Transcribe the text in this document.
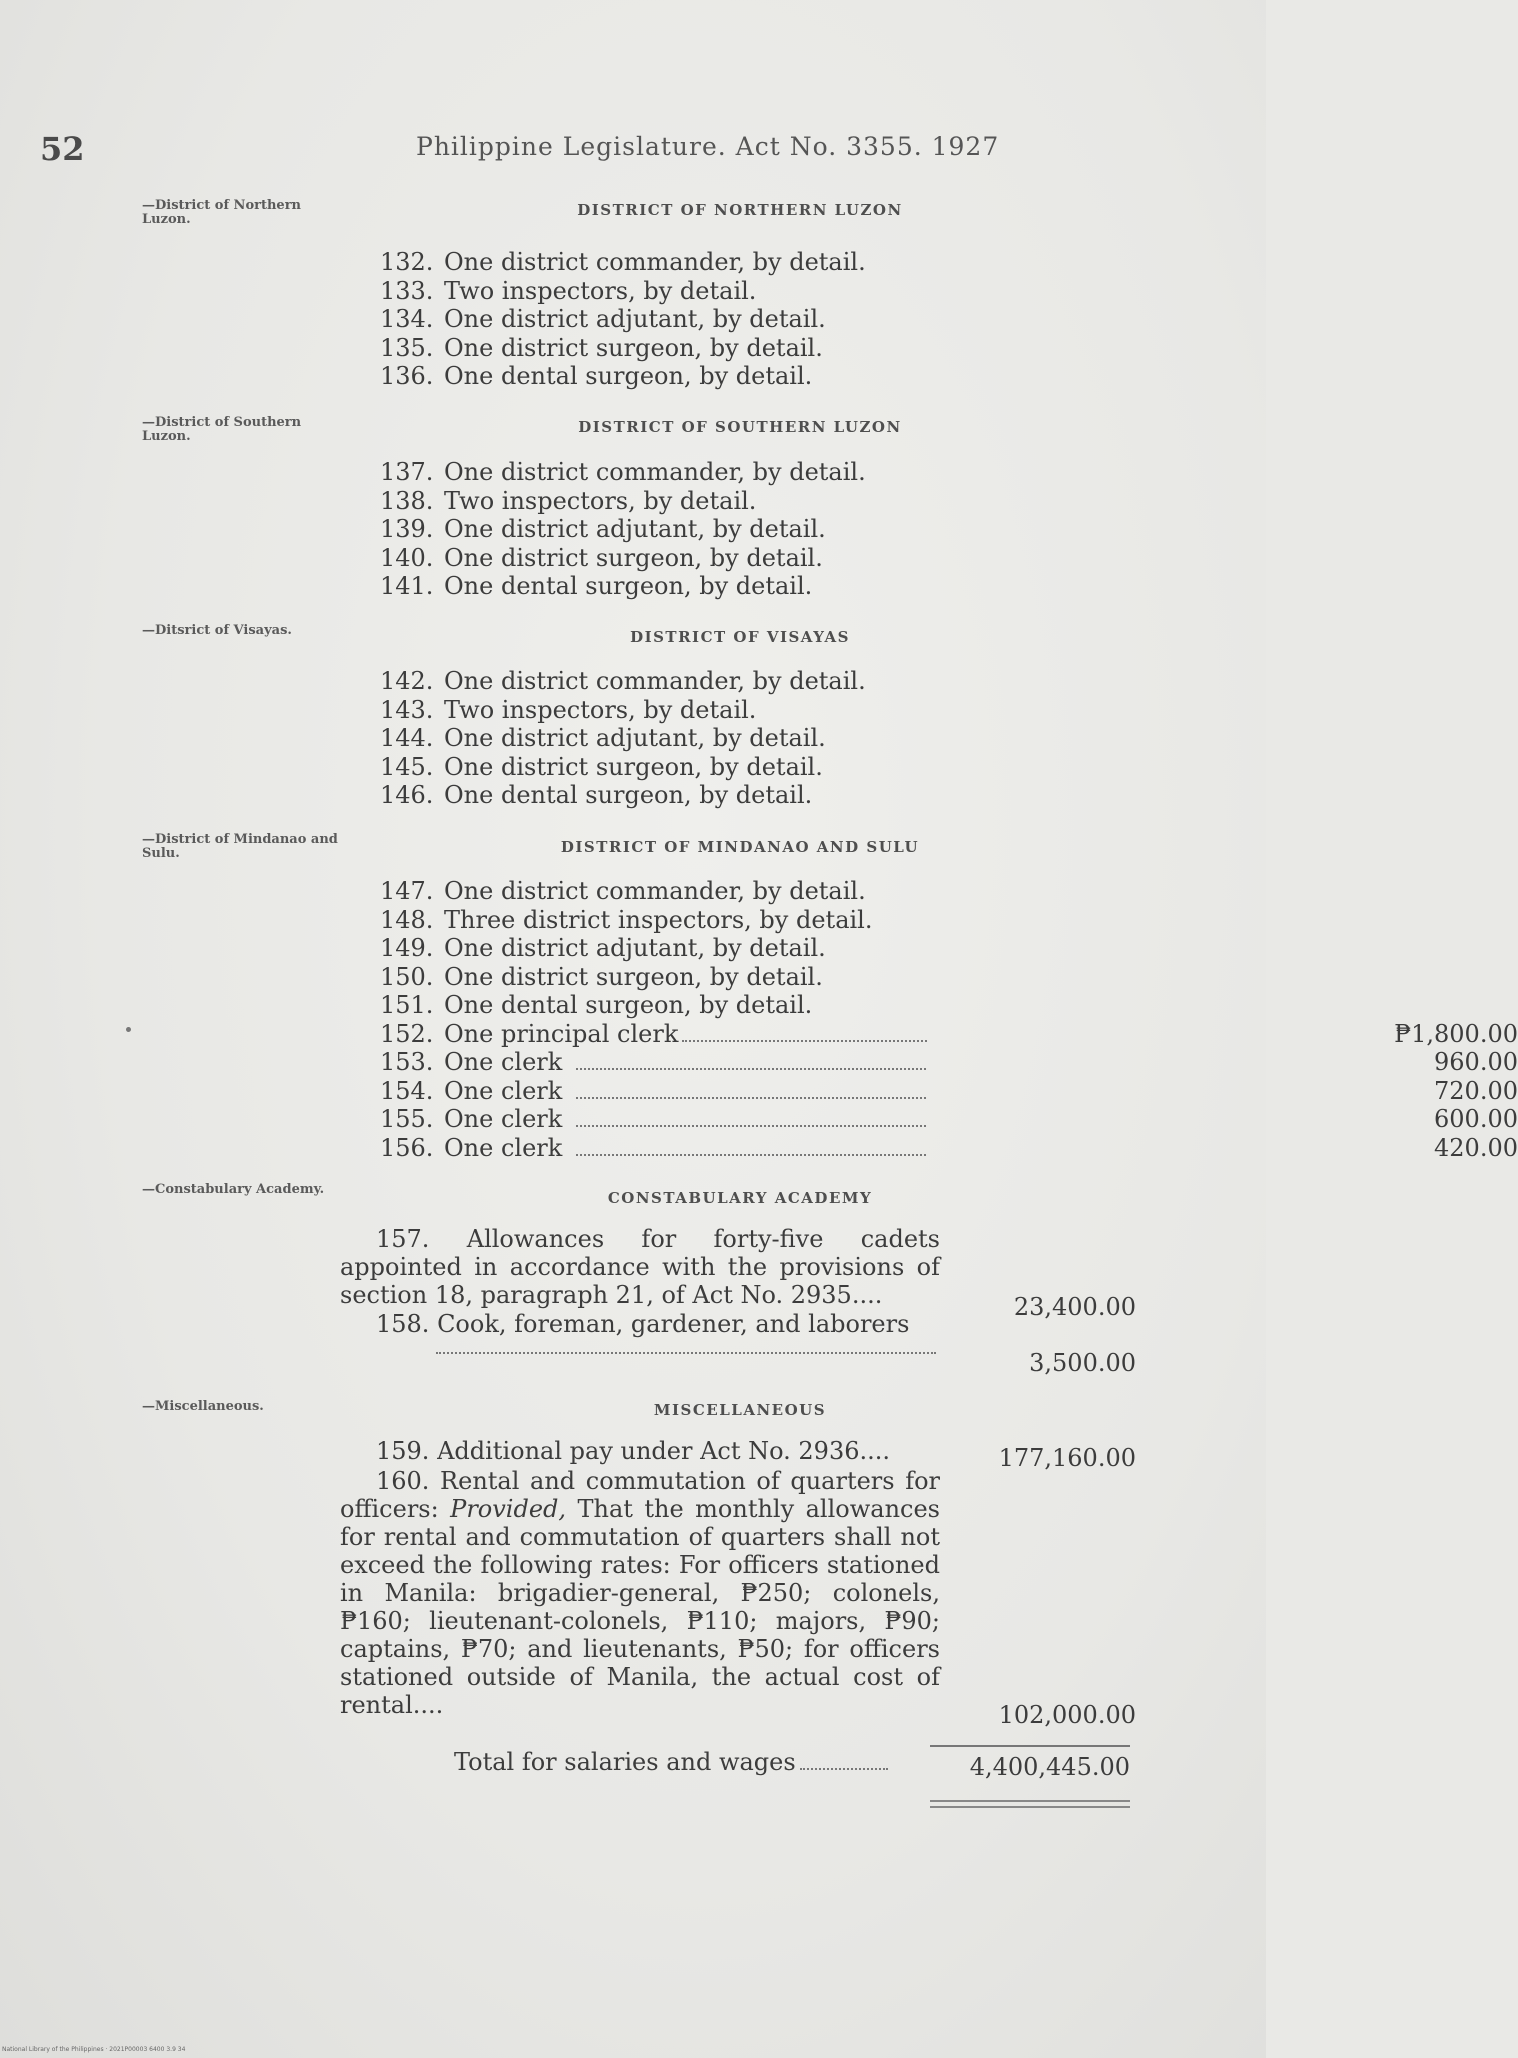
52	Philippine Legislature. Act No. 3355. 1927
—District of Northern Luzon.
DISTRICT OF NORTHERN LUZON
132. One district commander, by detail.
133. Two inspectors, by detail.
134. One district adjutant, by detail.
135. One district surgeon, by detail.
136. One dental surgeon, by detail.
—District of Southern Luzon.
DISTRICT OF SOUTHERN LUZON
137. One district commander, by detail.
138. Two inspectors, by detail.
139. One district adjutant, by detail.
140. One district surgeon, by detail.
141. One dental surgeon, by detail.
—Ditsrict of Visayas.	DISTRICT OF VISAYAS
142. One district commander, by detail.
143. Two inspectors, by detail.
144. One district adjutant, by detail.
145. One district surgeon, by detail.
146. One dental surgeon, by detail.
—District of Mindanao and Sulu.	DISTRICT OF MINDANAO AND SULU
147. One district commander, by detail.
148. Three district inspectors, by detail.
149. One district adjutant, by detail.
150. One district surgeon, by detail.
151. One dental surgeon, by detail.
152. One principal clerk	₱1,800.00
153. One clerk	960.00
154. One clerk	720.00
155. One clerk	600.00
156. One clerk	420.00
—Constabulary Academy.	CONSTABULARY ACADEMY
157. Allowances for forty-five cadets appointed in accordance with the provisions of section 18, paragraph 21, of Act No. 2935....	23,400.00
158. Cook, foreman, gardener, and laborers
3,500.00
—Miscellaneous.	MISCELLANEOUS
159. Additional pay under Act No. 2936....	177,160.00
160. Rental and commutation of quarters for officers: Provided, That the monthly allowances for rental and commutation of quarters shall not exceed the following rates: For officers stationed in Manila: brigadier-general, ₱250; colonels, ₱160; lieutenant-colonels, ₱110; majors, ₱90; captains, ₱70; and lieutenants, ₱50; for officers stationed outside of Manila, the actual cost of rental....	102,000.00
Total for salaries and wages	4,400,445.00
National Library of the Philippines · 2021P00003 6400 3.9 34
